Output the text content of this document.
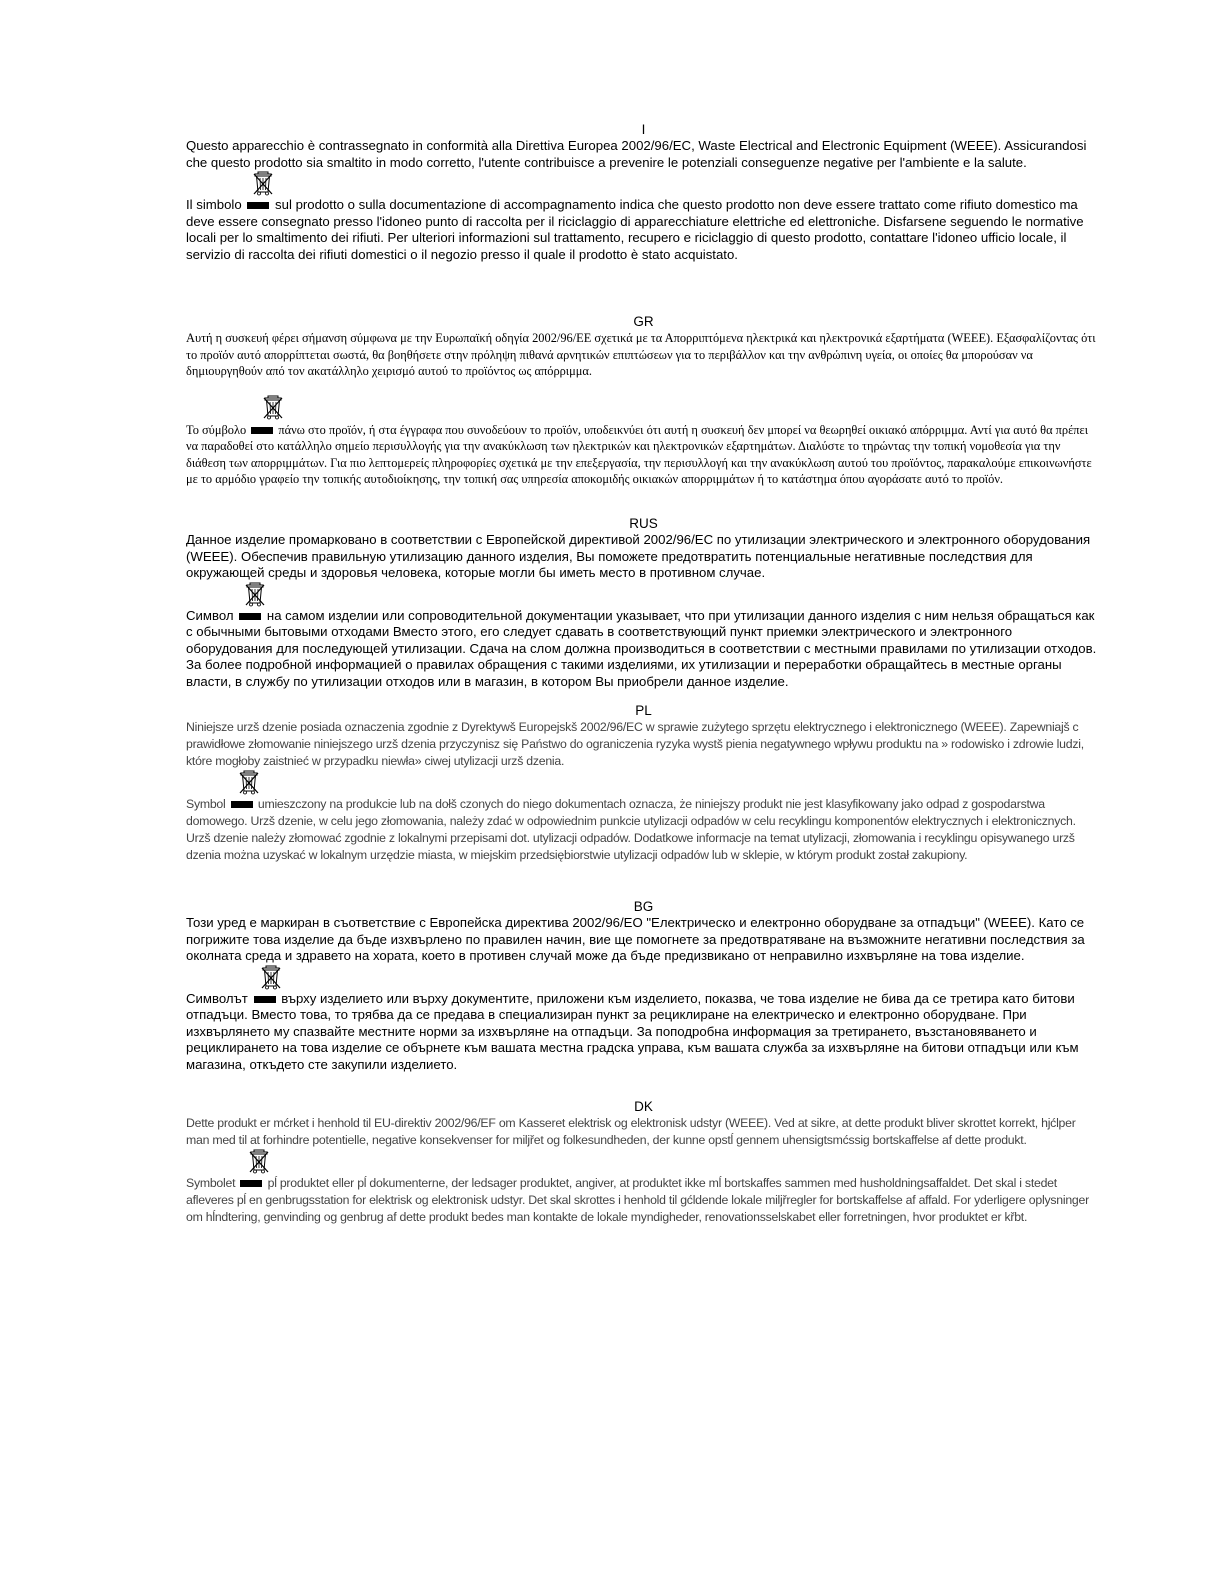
I

Questo apparecchio è contrassegnato in conformità alla Direttiva Europea 2002/96/EC, Waste Electrical and Electronic Equipment (WEEE). Assicurandosi che questo prodotto sia smaltito in modo corretto, l'utente contribuisce a prevenire le potenziali conseguenze negative per l'ambiente e la salute.

Il simbolo	sul prodotto o sulla documentazione di accompagnamento indica che questo prodotto non deve essere trattato come rifiuto domestico ma deve essere consegnato presso l'idoneo punto di raccolta per il riciclaggio di apparecchiature elettriche ed elettroniche. Disfarsene seguendo le normative locali per lo smaltimento dei rifiuti. Per ulteriori informazioni sul trattamento, recupero e riciclaggio di questo prodotto, contattare l'idoneo ufficio locale, il servizio di raccolta dei rifiuti domestici o il negozio presso il quale il prodotto è stato acquistato.

GR

Αυτή η συσκευή φέρει σήμανση σύμφωνα με την Ευρωπαϊκή οδηγία 2002/96/ΕΕ σχετικά με τα Απορριπτόμενα ηλεκτρικά και ηλεκτρονικά εξαρτήματα (WEEE). Εξασφαλίζοντας ότι το προϊόν αυτό απορρίπτεται σωστά, θα βοηθήσετε στην πρόληψη πιθανά αρνητικών επιπτώσεων για το περιβάλλον και την ανθρώπινη υγεία, οι οποίες θα μπορούσαν να δημιουργηθούν από τον ακατάλληλο χειρισμό αυτού το προϊόντος ως απόρριμμα.

Το σύμβολο	πάνω στο προϊόν, ή στα έγγραφα που συνοδεύουν το προϊόν, υποδεικνύει ότι αυτή η συσκευή δεν μπορεί να θεωρηθεί οικιακό απόρριμμα. Αντί για αυτό θα πρέπει να παραδοθεί στο κατάλληλο σημείο περισυλλογής για την ανακύκλωση των ηλεκτρικών και ηλεκτρονικών εξαρτημάτων. Διαλύστε το τηρώντας την τοπική νομοθεσία για την διάθεση των απορριμμάτων. Για πιο λεπτομερείς πληροφορίες σχετικά με την επεξεργασία, την περισυλλογή και την ανακύκλωση αυτού του προϊόντος, παρακαλούμε επικοινωνήστε με το αρμόδιο γραφείο την τοπικής αυτοδιοίκησης, την τοπική σας υπηρεσία αποκομιδής οικιακών απορριμμάτων ή το κατάστημα όπου αγοράσατε αυτό το προϊόν.

RUS

Данное изделие промарковано в соответствии с Европейской директивой 2002/96/EC по утилизации электрического и электронного оборудования (WEEE). Обеспечив правильную утилизацию данного изделия, Вы поможете предотвратить потенциальные негативные последствия для окружающей среды и здоровья человека, которые могли бы иметь место в противном случае.

Символ	на самом изделии или сопроводительной документации указывает, что при утилизации данного изделия с ним нельзя обращаться как с обычными бытовыми отходами Вместо этого, его следует сдавать в соответствующий пункт приемки электрического и электронного оборудования для последующей утилизации. Сдача на слом должна производиться в соответствии с местными правилами по утилизации отходов. За более подробной информацией о правилах обращения с такими изделиями, их утилизации и переработки обращайтесь в местные органы власти, в службу по утилизации отходов или в магазин, в котором Вы приобрели данное изделие.

PL

Niniejsze urzš dzenie posiada oznaczenia zgodnie z Dyrektywš Europejskš 2002/96/EC w sprawie zużytego sprzętu elektrycznego i elektronicznego (WEEE). Zapewniajš c prawidłowe złomowanie niniejszego urzš dzenia przyczynisz się Państwo do ograniczenia ryzyka wystš pienia negatywnego wpływu produktu na » rodowisko i zdrowie ludzi, które mogłoby zaistnieć w przypadku niewła» ciwej utylizacji urzš dzenia.

Symbol	umieszczony na produkcie lub na dołš czonych do niego dokumentach oznacza, że niniejszy produkt nie jest klasyfikowany jako odpad z gospodarstwa domowego. Urzš dzenie, w celu jego złomowania, należy zdać w odpowiednim punkcie utylizacji odpadów w celu recyklingu komponentów elektrycznych i elektronicznych. Urzš dzenie należy złomować zgodnie z lokalnymi przepisami dot. utylizacji odpadów. Dodatkowe informacje na temat utylizacji, złomowania i recyklingu opisywanego urzš dzenia można uzyskać w lokalnym urzędzie miasta, w miejskim przedsiębiorstwie utylizacji odpadów lub w sklepie, w którym produkt został zakupiony.

BG

Този уред е маркиран в съответствие с Европейска директива 2002/96/ЕО "Електрическо и електронно оборудване за отпадъци" (WEEE). Като се погрижите това изделие да бъде изхвърлено по правилен начин, вие ще помогнете за предотвратяване на възможните негативни последствия за околната среда и здравето на хората, което в противен случай може да бъде предизвикано от неправилно изхвърляне на това изделие.

Символът	върху изделието или върху документите, приложени към изделието, показва, че това изделие не бива да се третира като битови отпадъци. Вместо това, то трябва да се предава в специализиран пункт за рециклиране на електрическо и електронно оборудване. При изхвърлянето му спазвайте местните норми за изхвърляне на отпадъци. За поподробна информация за третирането, възстановяването и рециклирането на това изделие се обърнете към вашата местна градска управа, към вашата служба за изхвърляне на битови отпадъци или към магазина, откъдето сте закупили изделието.

DK

Dette produkt er mćrket i henhold til EU-direktiv 2002/96/EF om Kasseret elektrisk og elektronisk udstyr (WEEE). Ved at sikre, at dette produkt bliver skrottet korrekt, hjćlper man med til at forhindre potentielle, negative konsekvenser for miljřet og folkesundheden, der kunne opstĺ gennem uhensigtsmćssig bortskaffelse af dette produkt.

Symbolet	pĺ produktet eller pĺ dokumenterne, der ledsager produktet, angiver, at produktet ikke mĺ bortskaffes sammen med husholdningsaffaldet. Det skal i stedet afleveres pĺ en genbrugsstation for elektrisk og elektronisk udstyr. Det skal skrottes i henhold til gćldende lokale miljřregler for bortskaffelse af affald. For yderligere oplysninger om hĺndtering, genvinding og genbrug af dette produkt bedes man kontakte de lokale myndigheder, renovationsselskabet eller forretningen, hvor produktet er křbt.
